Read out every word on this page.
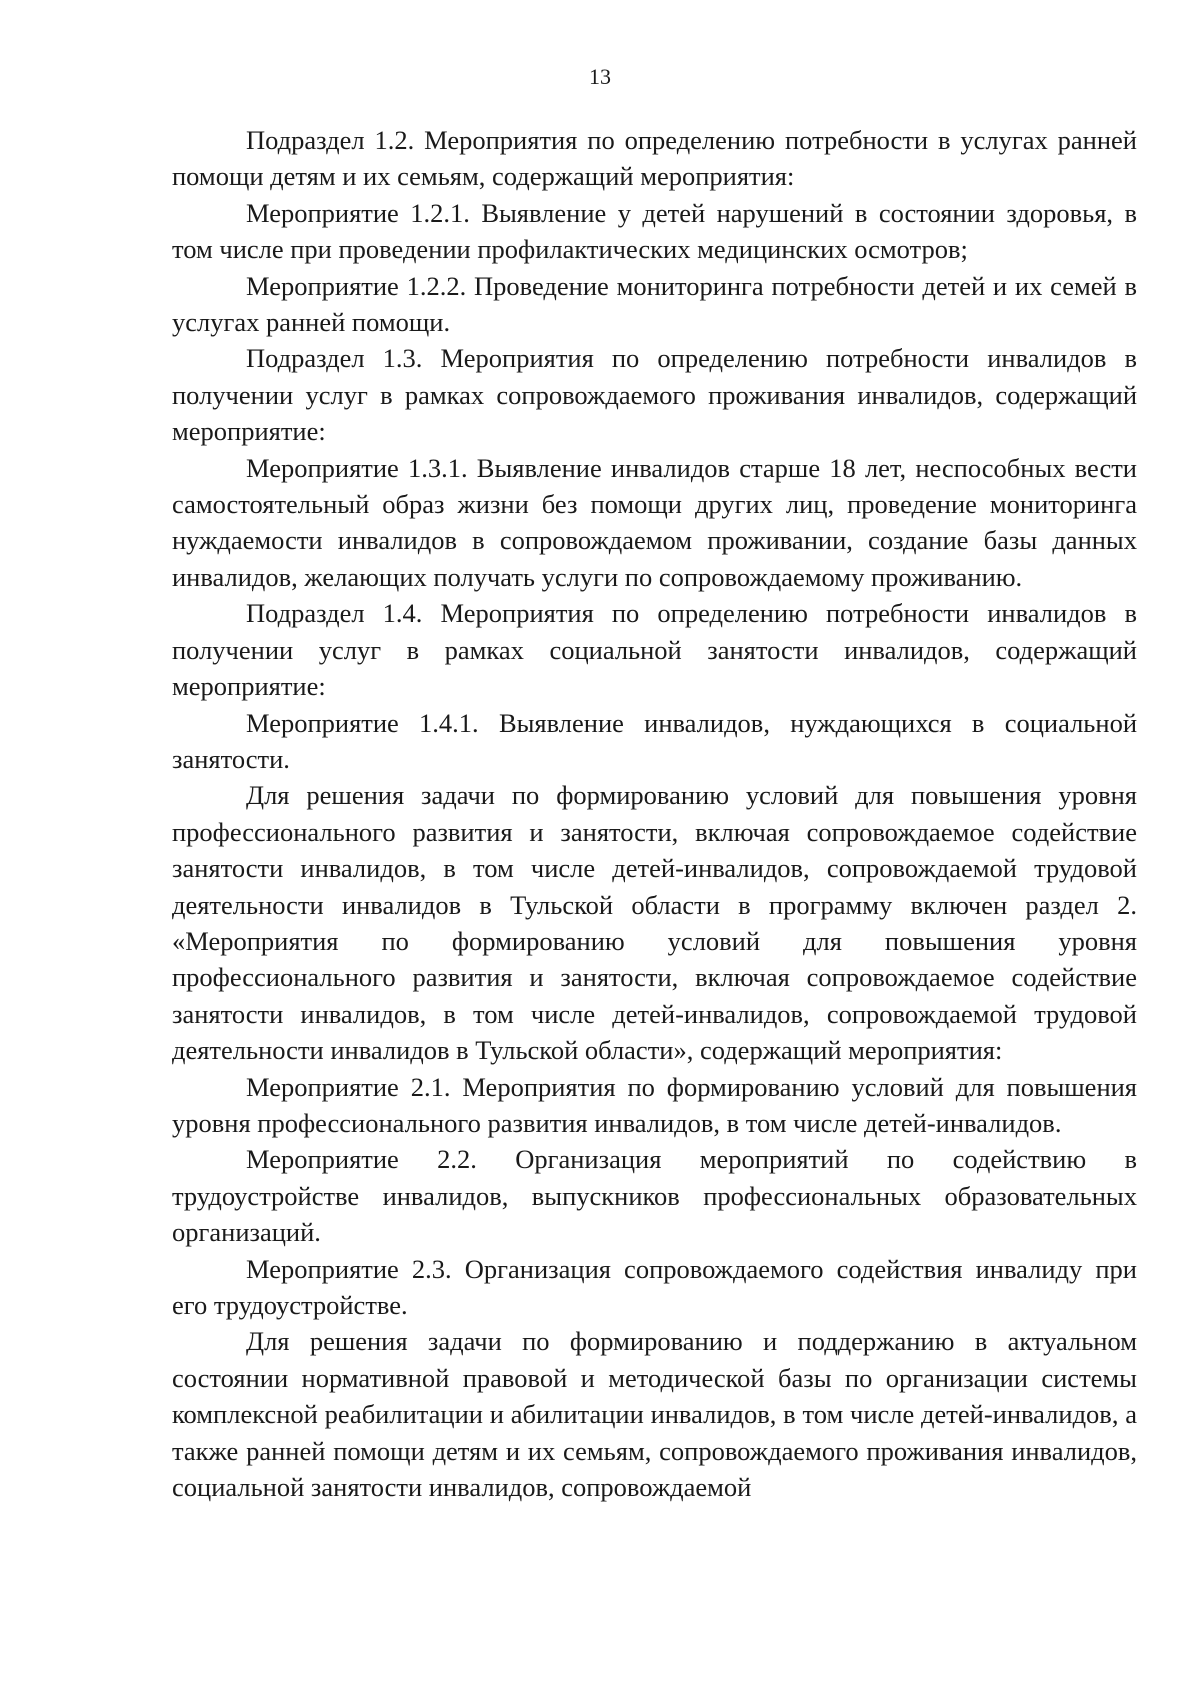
13

Подраздел 1.2. Мероприятия по определению потребности в услугах ранней помощи детям и их семьям, содержащий мероприятия:

Мероприятие 1.2.1. Выявление у детей нарушений в состоянии здоровья, в том числе при проведении профилактических медицинских осмотров;

Мероприятие 1.2.2. Проведение мониторинга потребности детей и их семей в услугах ранней помощи.

Подраздел 1.3. Мероприятия по определению потребности инвалидов в получении услуг в рамках сопровождаемого проживания инвалидов, содержащий мероприятие:

Мероприятие 1.3.1. Выявление инвалидов старше 18 лет, неспособных вести самостоятельный образ жизни без помощи других лиц, проведение мониторинга нуждаемости инвалидов в сопровождаемом проживании, создание базы данных инвалидов, желающих получать услуги по сопровождаемому проживанию.

Подраздел 1.4. Мероприятия по определению потребности инвалидов в получении услуг в рамках социальной занятости инвалидов, содержащий мероприятие:

Мероприятие 1.4.1. Выявление инвалидов, нуждающихся в социальной занятости.

Для решения задачи по формированию условий для повышения уровня профессионального развития и занятости, включая сопровождаемое содействие занятости инвалидов, в том числе детей-инвалидов, сопровождаемой трудовой деятельности инвалидов в Тульской области в программу включен раздел 2. «Мероприятия по формированию условий для повышения уровня профессионального развития и занятости, включая сопровождаемое содействие занятости инвалидов, в том числе детей-инвалидов, сопровождаемой трудовой деятельности инвалидов в Тульской области», содержащий мероприятия:

Мероприятие 2.1. Мероприятия по формированию условий для повышения уровня профессионального развития инвалидов, в том числе детей-инвалидов.

Мероприятие 2.2. Организация мероприятий по содействию в трудоустройстве инвалидов, выпускников профессиональных образовательных организаций.

Мероприятие 2.3. Организация сопровождаемого содействия инвалиду при его трудоустройстве.

Для решения задачи по формированию и поддержанию в актуальном состоянии нормативной правовой и методической базы по организации системы комплексной реабилитации и абилитации инвалидов, в том числе детей-инвалидов, а также ранней помощи детям и их семьям, сопровождаемого проживания инвалидов, социальной занятости инвалидов, сопровождаемой
